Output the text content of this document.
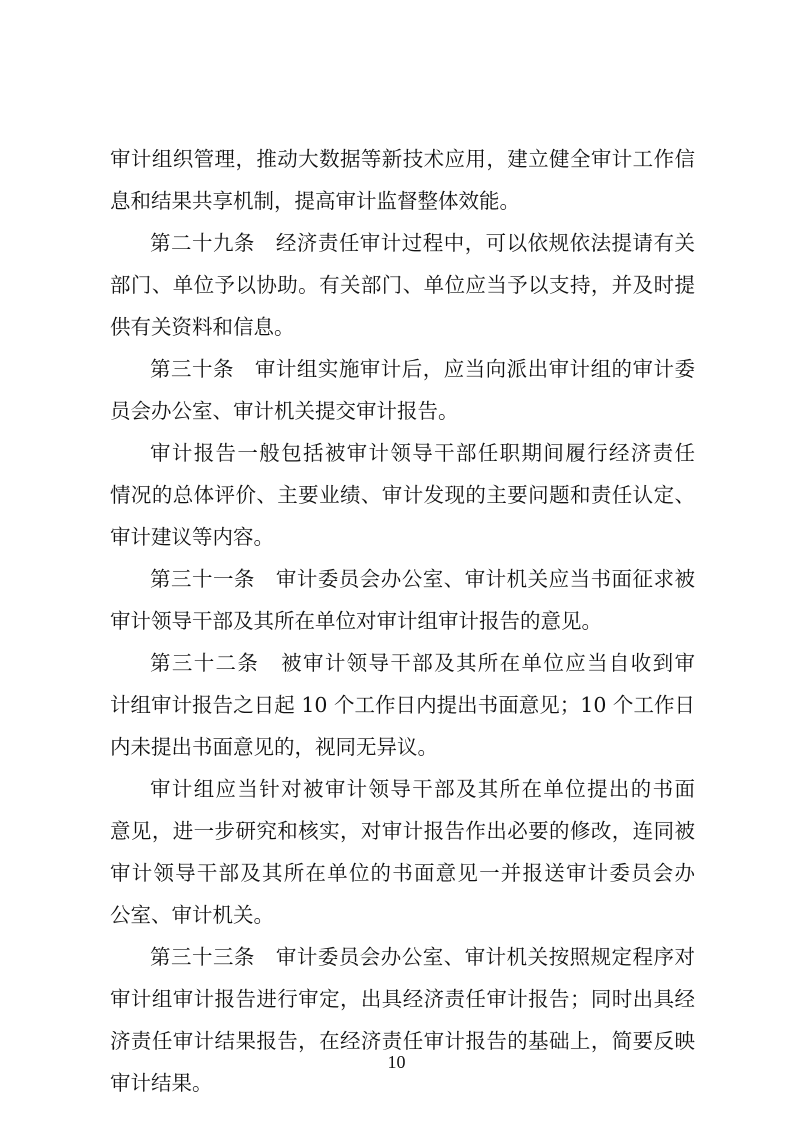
审计组织管理，推动大数据等新技术应用，建立健全审计工作信
息和结果共享机制，提高审计监督整体效能。
第二十九条　经济责任审计过程中，可以依规依法提请有关
部门、单位予以协助。有关部门、单位应当予以支持，并及时提
供有关资料和信息。
第三十条　审计组实施审计后，应当向派出审计组的审计委
员会办公室、审计机关提交审计报告。
审计报告一般包括被审计领导干部任职期间履行经济责任
情况的总体评价、主要业绩、审计发现的主要问题和责任认定、
审计建议等内容。
第三十一条　审计委员会办公室、审计机关应当书面征求被
审计领导干部及其所在单位对审计组审计报告的意见。
第三十二条　被审计领导干部及其所在单位应当自收到审
计组审计报告之日起 10 个工作日内提出书面意见；10 个工作日
内未提出书面意见的，视同无异议。
审计组应当针对被审计领导干部及其所在单位提出的书面
意见，进一步研究和核实，对审计报告作出必要的修改，连同被
审计领导干部及其所在单位的书面意见一并报送审计委员会办
公室、审计机关。
第三十三条　审计委员会办公室、审计机关按照规定程序对
审计组审计报告进行审定，出具经济责任审计报告；同时出具经
济责任审计结果报告，在经济责任审计报告的基础上，简要反映
审计结果。
10
